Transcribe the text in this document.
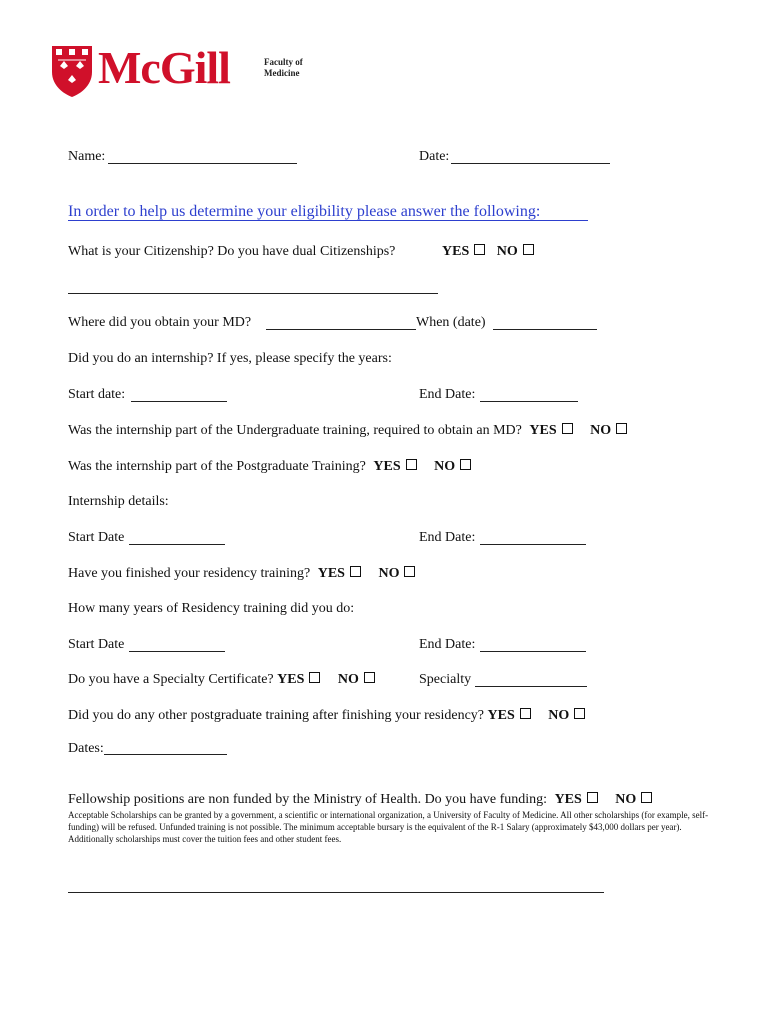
McGill	Faculty of
Medicine
Name:	Date:
In order to help us determine your eligibility please answer the following:
What is your Citizenship? Do you have dual Citizenships?	YES NO
Where did you obtain your MD?	When (date)
Did you do an internship? If yes, please specify the years:
Start date:	End Date:
Was the internship part of the Undergraduate training, required to obtain an MD? YES NO
Was the internship part of the Postgraduate Training? YES NO
Internship details:
Start Date	End Date:
Have you finished your residency training? YES NO
How many years of Residency training did you do:
Start Date	End Date:
Do you have a Specialty Certificate? YES NO	Specialty
Did you do any other postgraduate training after finishing your residency? YES NO
Dates:
Fellowship positions are non funded by the Ministry of Health. Do you have funding: YES NO
Acceptable Scholarships can be granted by a government, a scientific or international organization, a University of Faculty of Medicine. All other scholarships (for example, self-funding) will be refused. Unfunded training is not possible. The minimum acceptable bursary is the equivalent of the R-1 Salary (approximately $43,000 dollars per year). Additionally scholarships must cover the tuition fees and other student fees.
